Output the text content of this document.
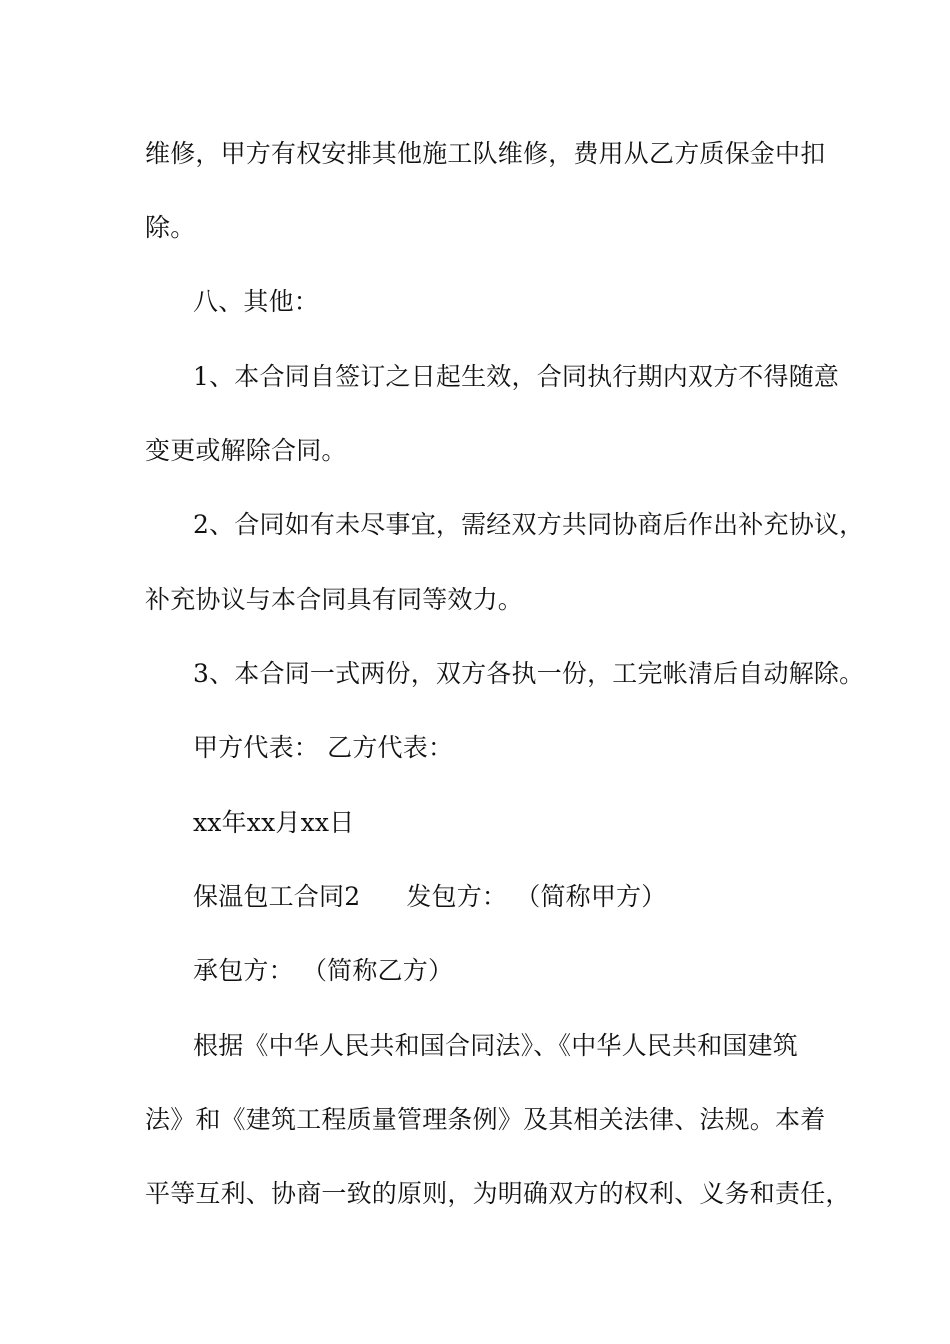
维修，甲方有权安排其他施工队维修，费用从乙方质保金中扣
除。
八、其他：
1、本合同自签订之日起生效，合同执行期内双方不得随意
变更或解除合同。
2、合同如有未尽事宜，需经双方共同协商后作出补充协议，
补充协议与本合同具有同等效力。
3、本合同一式两份，双方各执一份，工完帐清后自动解除。
甲方代表： 乙方代表：
xx年xx月xx日
保温包工合同2 发包方： （简称甲方）
承包方： （简称乙方）
根据《中华人民共和国合同法》、《中华人民共和国建筑
法》和《建筑工程质量管理条例》及其相关法律、法规。本着
平等互利、协商一致的原则，为明确双方的权利、义务和责任，
